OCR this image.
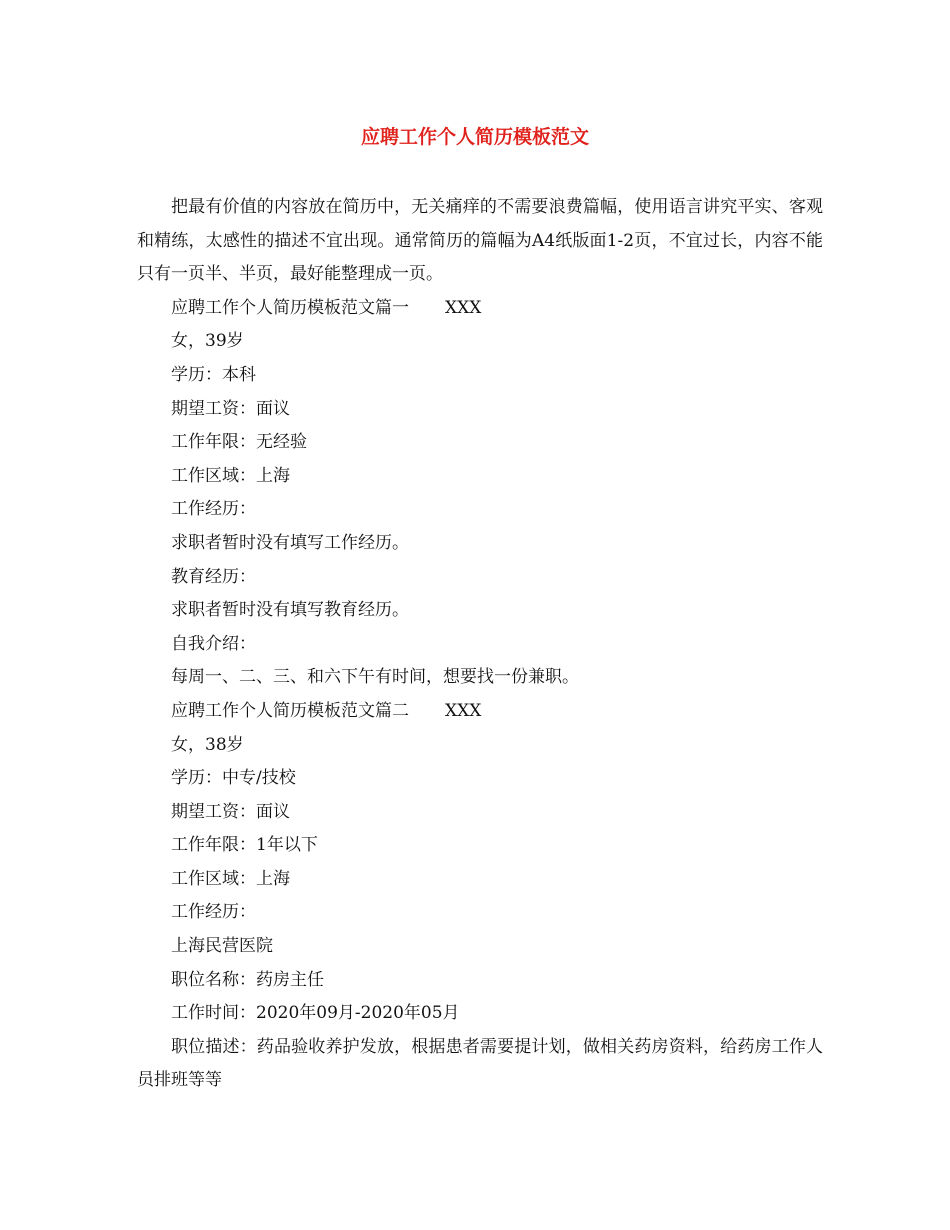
应聘工作个人简历模板范文

把最有价值的内容放在简历中，无关痛痒的不需要浪费篇幅，使用语言讲究平实、客观和精练，太感性的描述不宜出现。通常简历的篇幅为A4纸版面1-2页，不宜过长，内容不能只有一页半、半页，最好能整理成一页。

应聘工作个人简历模板范文篇一 XXX

女，39岁

学历：本科

期望工资：面议

工作年限：无经验

工作区域：上海

工作经历：

求职者暂时没有填写工作经历。

教育经历：

求职者暂时没有填写教育经历。

自我介绍：

每周一、二、三、和六下午有时间，想要找一份兼职。

应聘工作个人简历模板范文篇二 XXX

女，38岁

学历：中专/技校

期望工资：面议

工作年限：1年以下

工作区域：上海

工作经历：

上海民营医院

职位名称：药房主任

工作时间：2020年09月-2020年05月

职位描述：药品验收养护发放，根据患者需要提计划，做相关药房资料，给药房工作人员排班等等
